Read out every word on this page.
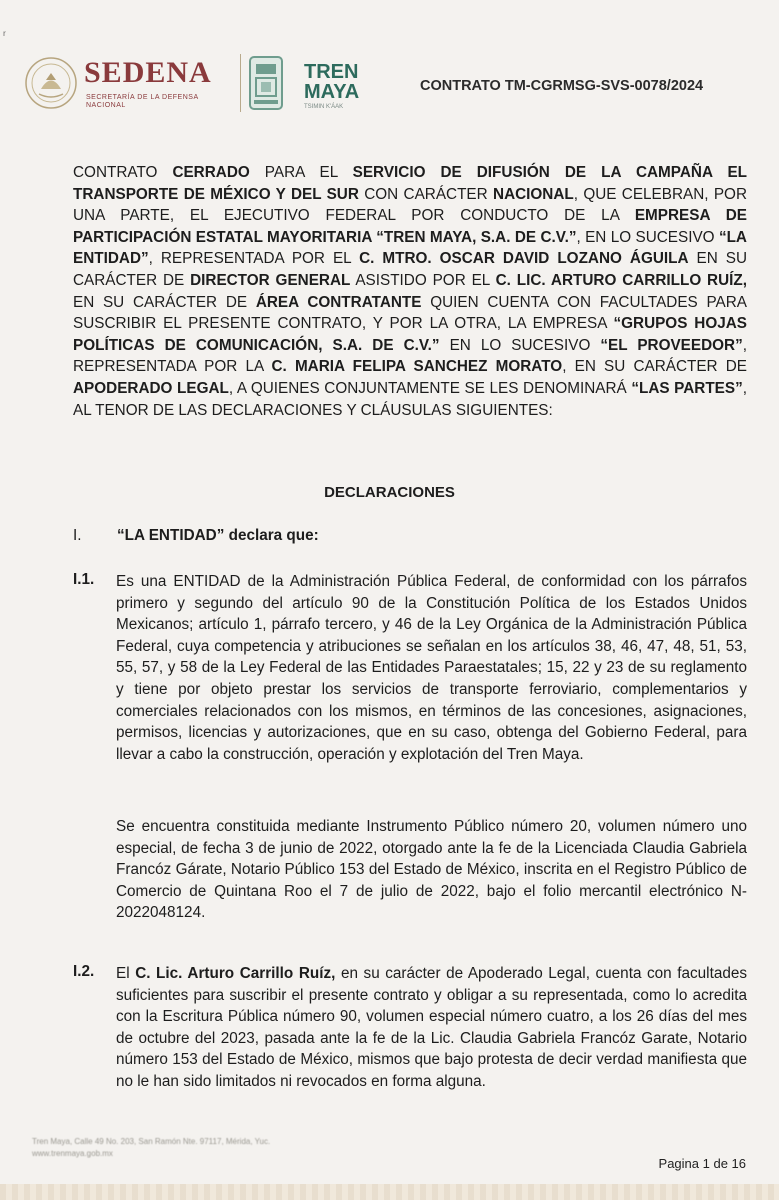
ʳ
SEDENA
SECRETARÍA DE LA DEFENSA NACIONAL
TREN
MAYA
TSIMIN K'ÁAK
CONTRATO TM-CGRMSG-SVS-0078/2024
CONTRATO CERRADO PARA EL SERVICIO DE DIFUSIÓN DE LA CAMPAÑA EL TRANSPORTE DE MÉXICO Y DEL SUR CON CARÁCTER NACIONAL, QUE CELEBRAN, POR UNA PARTE, EL EJECUTIVO FEDERAL POR CONDUCTO DE LA EMPRESA DE PARTICIPACIÓN ESTATAL MAYORITARIA “TREN MAYA, S.A. DE C.V.”, EN LO SUCESIVO “LA ENTIDAD”, REPRESENTADA POR EL C. MTRO. OSCAR DAVID LOZANO ÁGUILA EN SU CARÁCTER DE DIRECTOR GENERAL ASISTIDO POR EL C. LIC. ARTURO CARRILLO RUÍZ, EN SU CARÁCTER DE ÁREA CONTRATANTE QUIEN CUENTA CON FACULTADES PARA SUSCRIBIR EL PRESENTE CONTRATO, Y POR LA OTRA, LA EMPRESA “GRUPOS HOJAS POLÍTICAS DE COMUNICACIÓN, S.A. DE C.V.” EN LO SUCESIVO “EL PROVEEDOR”, REPRESENTADA POR LA C. MARIA FELIPA SANCHEZ MORATO, EN SU CARÁCTER DE APODERADO LEGAL, A QUIENES CONJUNTAMENTE SE LES DENOMINARÁ “LAS PARTES”, AL TENOR DE LAS DECLARACIONES Y CLÁUSULAS SIGUIENTES:
DECLARACIONES
I. “LA ENTIDAD” declara que:
I.1. Es una ENTIDAD de la Administración Pública Federal, de conformidad con los párrafos primero y segundo del artículo 90 de la Constitución Política de los Estados Unidos Mexicanos; artículo 1, párrafo tercero, y 46 de la Ley Orgánica de la Administración Pública Federal, cuya competencia y atribuciones se señalan en los artículos 38, 46, 47, 48, 51, 53, 55, 57, y 58 de la Ley Federal de las Entidades Paraestatales; 15, 22 y 23 de su reglamento y tiene por objeto prestar los servicios de transporte ferroviario, complementarios y comerciales relacionados con los mismos, en términos de las concesiones, asignaciones, permisos, licencias y autorizaciones, que en su caso, obtenga del Gobierno Federal, para llevar a cabo la construcción, operación y explotación del Tren Maya.
Se encuentra constituida mediante Instrumento Público número 20, volumen número uno especial, de fecha 3 de junio de 2022, otorgado ante la fe de la Licenciada Claudia Gabriela Francóz Gárate, Notario Público 153 del Estado de México, inscrita en el Registro Público de Comercio de Quintana Roo el 7 de julio de 2022, bajo el folio mercantil electrónico N-2022048124.
I.2. El C. Lic. Arturo Carrillo Ruíz, en su carácter de Apoderado Legal, cuenta con facultades suficientes para suscribir el presente contrato y obligar a su representada, como lo acredita con la Escritura Pública número 90, volumen especial número cuatro, a los 26 días del mes de octubre del 2023, pasada ante la fe de la Lic. Claudia Gabriela Francóz Garate, Notario número 153 del Estado de México, mismos que bajo protesta de decir verdad manifiesta que no le han sido limitados ni revocados en forma alguna.
Tren Maya, Calle 49 No. 203, San Ramón Nte. 97117, Mérida, Yuc.
www.trenmaya.gob.mx
Pagina 1 de 16
